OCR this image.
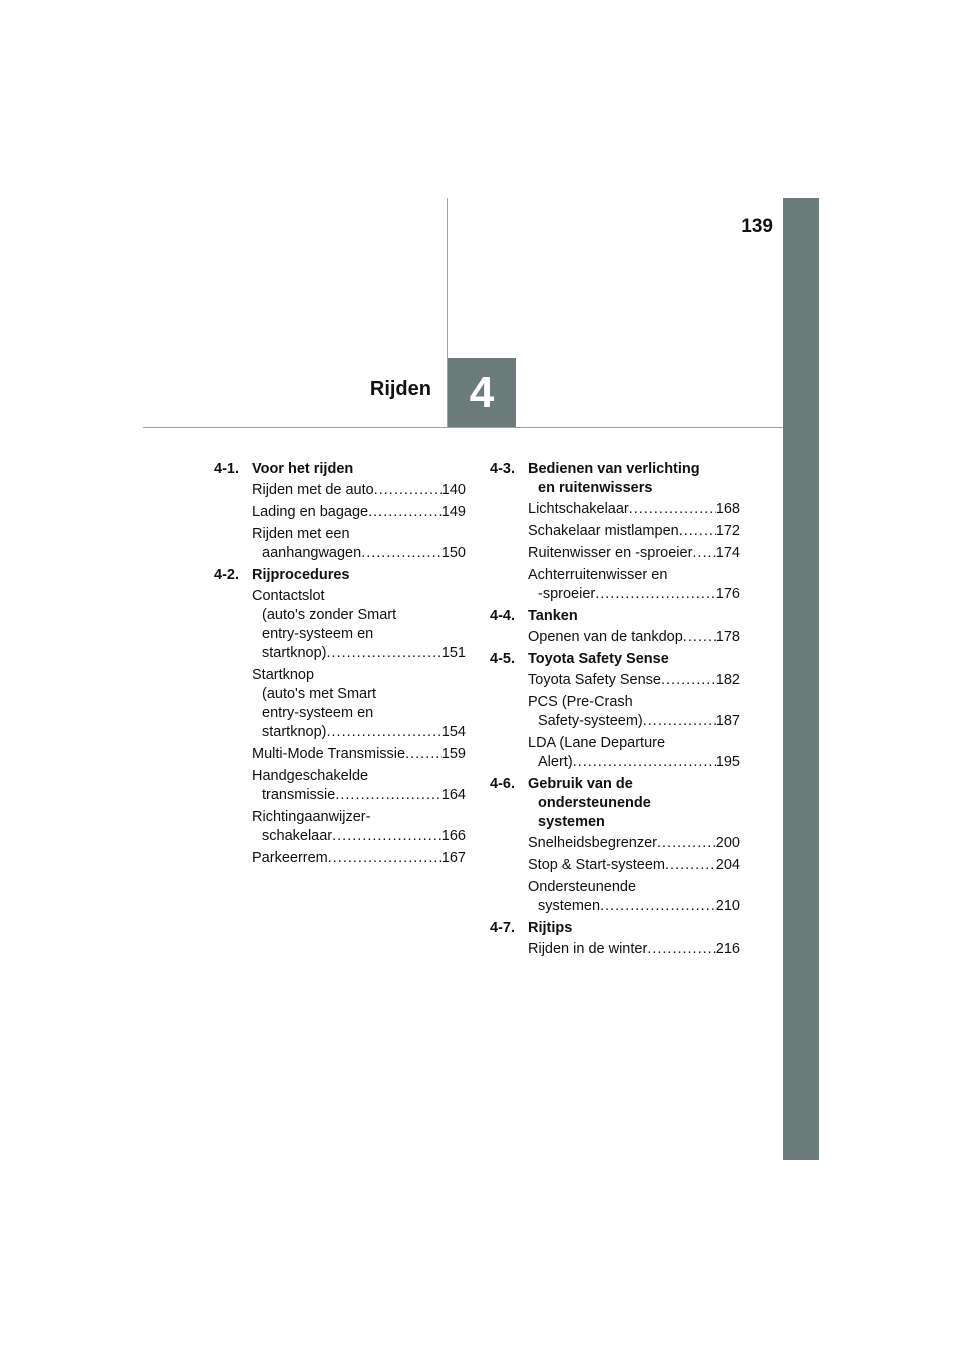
139
4
Rijden
4-1. Voor het rijden
Rijden met de auto .....	140
Lading en bagage .....	149
Rijden met een
aanhangwagen .....	150
4-2. Rijprocedures
Contactslot
(auto's zonder Smart
entry-systeem en
startknop) .....	151
Startknop
(auto's met Smart
entry-systeem en
startknop) .....	154
Multi-Mode Transmissie .....	159
Handgeschakelde
transmissie .....	164
Richtingaanwijzer-
schakelaar .....	166
Parkeerrem .....	167
4-3. Bedienen van verlichting
en ruitenwissers
Lichtschakelaar .....	168
Schakelaar mistlampen .....	172
Ruitenwisser en -sproeier ..... 174
Achterruitenwisser en
-sproeier .....	176
4-4. Tanken
Openen van de tankdop ..... 178
4-5. Toyota Safety Sense
Toyota Safety Sense .....	182
PCS (Pre-Crash
Safety-systeem) .....	187
LDA (Lane Departure
Alert) .....	195
4-6. Gebruik van de
ondersteunende
systemen
Snelheidsbegrenzer .....	200
Stop & Start-systeem .....	204
Ondersteunende
systemen .....	210
4-7. Rijtips
Rijden in de winter .....	216
